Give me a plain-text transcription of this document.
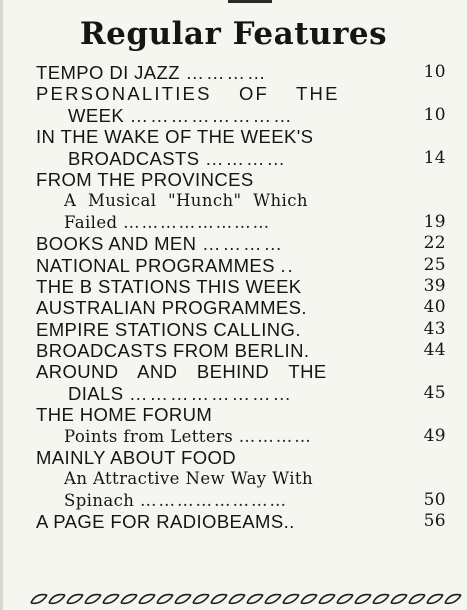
Regular Features
TEMPO DI JAZZ …………	10
PERSONALITIES OF THE
WEEK ……………………	10
IN THE WAKE OF THE WEEK'S
BROADCASTS …………	14
FROM THE PROVINCES
A Musical "Hunch" Which
Failed ……………………	19
BOOKS AND MEN …………	22
NATIONAL PROGRAMMES ..	25
THE B STATIONS THIS WEEK	39
AUSTRALIAN PROGRAMMES.	40
EMPIRE STATIONS CALLING.	43
BROADCASTS FROM BERLIN.	44
AROUND AND BEHIND THE
DIALS ……………………	45
THE HOME FORUM
Points from Letters …………	49
MAINLY ABOUT FOOD
An Attractive New Way With
Spinach ……………………	50
A PAGE FOR RADIOBEAMS..	56
